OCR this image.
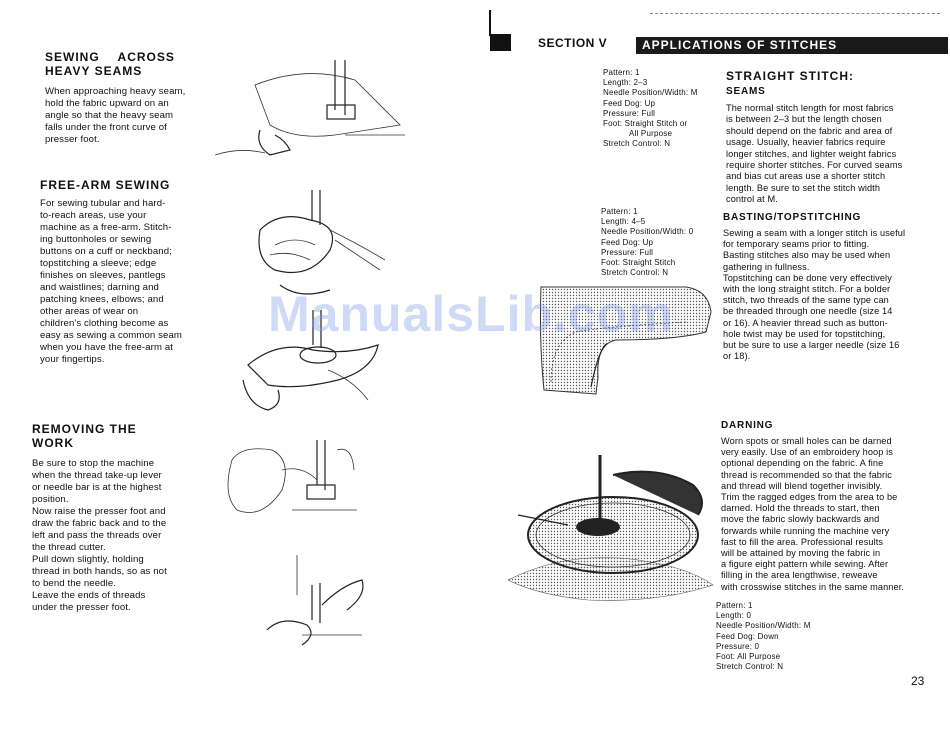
SECTION V	APPLICATIONS OF STITCHES
SEWING ACROSS
HEAVY SEAMS
When approaching heavy seam,
hold the fabric upward on an
angle so that the heavy seam
falls under the front curve of
presser foot.
FREE-ARM SEWING
For sewing tubular and hard-
to-reach areas, use your
machine as a free-arm. Stitch-
ing buttonholes or sewing
buttons on a cuff or neckband;
topstitching a sleeve; edge
finishes on sleeves, pantlegs
and waistlines; darning and
patching knees, elbows; and
other areas of wear on
children's clothing become as
easy as sewing a common seam
when you have the free-arm at
your fingertips.
REMOVING THE WORK
Be sure to stop the machine
when the thread take-up lever
or needle bar is at the highest
position.
Now raise the presser foot and
draw the fabric back and to the
left and pass the threads over
the thread cutter.
Pull down slightly, holding
thread in both hands, so as not
to bend the needle.
Leave the ends of threads
under the presser foot.
Pattern: 1
Length: 2–3
Needle Position/Width: M
Feed Dog: Up
Pressure: Full
Foot: Straight Stitch or
All Purpose
Stretch Control: N
STRAIGHT STITCH:
SEAMS
The normal stitch length for most fabrics
is between 2–3 but the length chosen
should depend on the fabric and area of
usage. Usually, heavier fabrics require
longer stitches, and lighter weight fabrics
require shorter stitches. For curved seams
and bias cut areas use a shorter stitch
length. Be sure to set the stitch width
control at M.
Pattern: 1
Length: 4–5
Needle Position/Width: 0
Feed Dog: Up
Pressure: Full
Foot: Straight Stitch
Stretch Control: N
BASTING/TOPSTITCHING
Sewing a seam with a longer stitch is useful
for temporary seams prior to fitting.
Basting stitches also may be used when
gathering in fullness.
Topstitching can be done very effectively
with the long straight stitch. For a bolder
stitch, two threads of the same type can
be threaded through one needle (size 14
or 16). A heavier thread such as button-
hole twist may be used for topstitching,
but be sure to use a larger needle (size 16
or 18).
DARNING
Worn spots or small holes can be darned
very easily. Use of an embroidery hoop is
optional depending on the fabric. A fine
thread is recommended so that the fabric
and thread will blend together invisibly.
Trim the ragged edges from the area to be
darned. Hold the threads to start, then
move the fabric slowly backwards and
forwards while running the machine very
fast to fill the area. Professional results
will be attained by moving the fabric in
a figure eight pattern while sewing. After
filling in the area lengthwise, reweave
with crosswise stitches in the same manner.
Pattern: 1
Length: 0
Needle Position/Width: M
Feed Dog: Down
Pressure: 0
Foot: All Purpose
Stretch Control: N
23
ManualsLib.com
